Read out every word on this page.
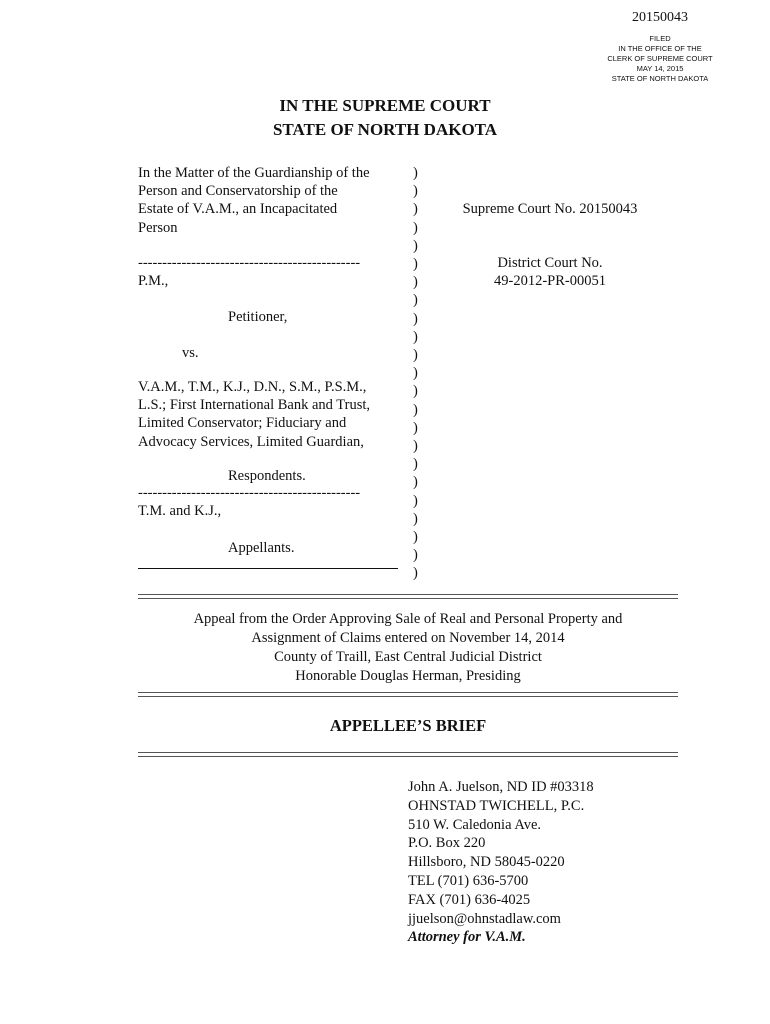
20150043
FILED
IN THE OFFICE OF THE
CLERK OF SUPREME COURT
MAY 14, 2015
STATE OF NORTH DAKOTA
IN THE SUPREME COURT
STATE OF NORTH DAKOTA
In the Matter of the Guardianship of the
Person and Conservatorship of the
Estate of V.A.M., an Incapacitated
Person
----------------------------------------------
P.M.,
Petitioner,
vs.
V.A.M., T.M., K.J., D.N., S.M., P.S.M.,
L.S.; First International Bank and Trust,
Limited Conservator; Fiduciary and
Advocacy Services, Limited Guardian,
Respondents.
----------------------------------------------
T.M. and K.J.,
Appellants.
)
)
)
)
)
)
)
)
)
)
)
)
)
)
)
)
)
)
)
)
)
)
)
Supreme Court No. 20150043
District Court No.
49-2012-PR-00051
Appeal from the Order Approving Sale of Real and Personal Property and
Assignment of Claims entered on November 14, 2014
County of Traill, East Central Judicial District
Honorable Douglas Herman, Presiding
APPELLEE’S BRIEF
John A. Juelson, ND ID #03318
OHNSTAD TWICHELL, P.C.
510 W. Caledonia Ave.
P.O. Box 220
Hillsboro, ND 58045-0220
TEL (701) 636-5700
FAX (701) 636-4025
jjuelson@ohnstadlaw.com
Attorney for V.A.M.
